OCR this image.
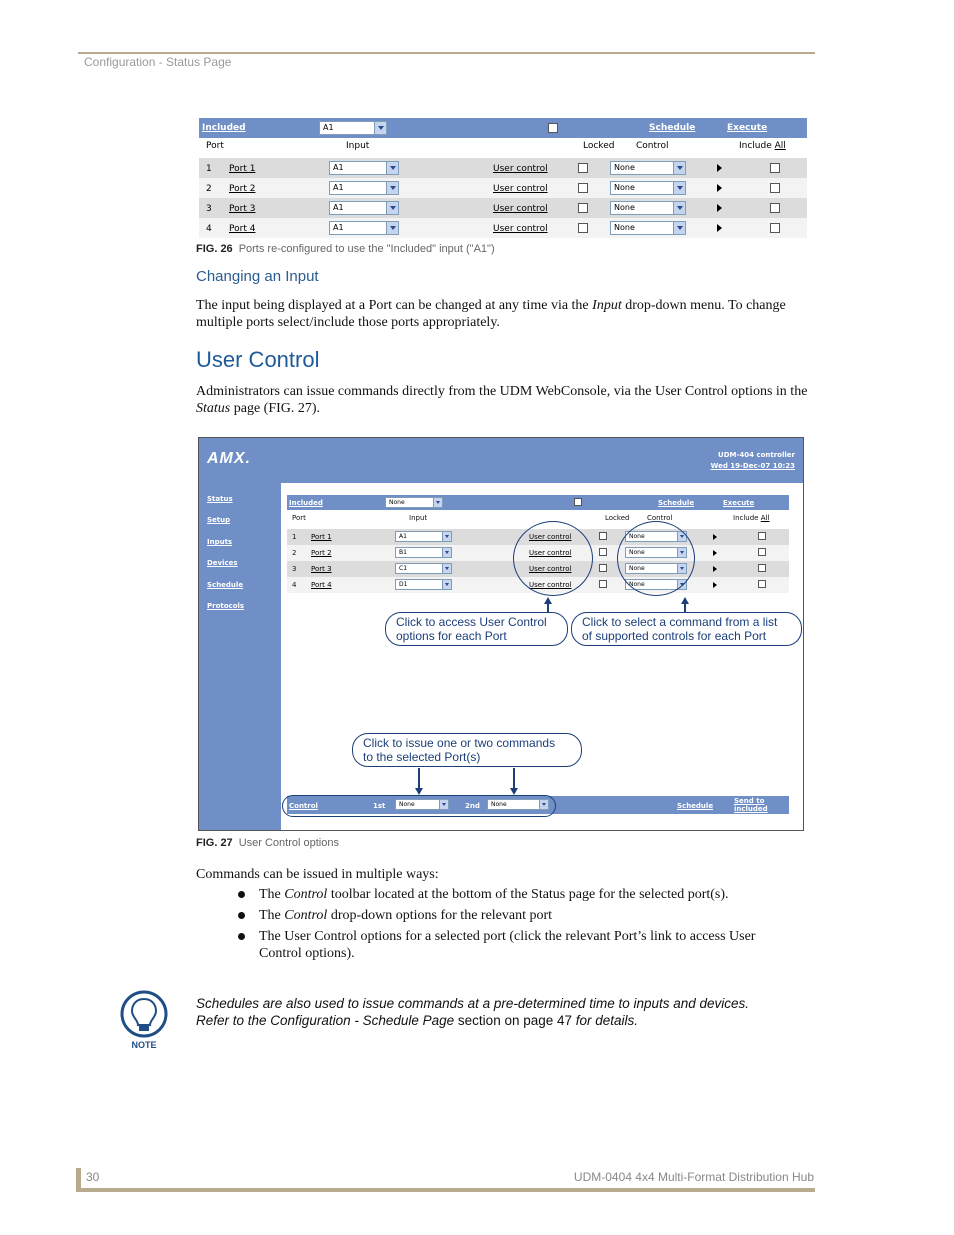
Configuration - Status Page
Included	A1	Schedule	Execute
Port	Input	Locked Control	Include All
1 Port 1	A1	User control	None
2 Port 2	A1	User control	None
3 Port 3	A1	User control	None
4 Port 4	A1	User control	None
FIG. 26 Ports re-configured to use the "Included" input ("A1")
Changing an Input
The input being displayed at a Port can be changed at any time via the Input drop-down menu. To change multiple ports select/include those ports appropriately.
User Control
Administrators can issue commands directly from the UDM WebConsole, via the User Control options in the Status page (FIG. 27).
AMX.	UDM-404 controller
Wed 19-Dec-07 10:23
Status
Setup
Inputs
Devices
Schedule
Protocols
Included	None	Schedule	Execute
Port	Input	Locked	Control	Include All
1 Port 1	A1	User control	None
2 Port 2	B1	User control	None
3 Port 3	C1	User control	None
4 Port 4	D1	User control	None
Control	1st	None	2nd	None	Schedule
Send to
included
Click to access User Control
options for each Port
Click to select a command from a list
of supported controls for each Port
Click to issue one or two commands
to the selected Port(s)
FIG. 27 User Control options
Commands can be issued in multiple ways:
The Control toolbar located at the bottom of the Status page for the selected port(s).
The Control drop-down options for the relevant port
The User Control options for a selected port (click the relevant Port’s link to access User Control options).
NOTE
Schedules are also used to issue commands at a pre-determined time to inputs and devices. Refer to the Configuration - Schedule Page section on page 47 for details.
30	UDM-0404 4x4 Multi-Format Distribution Hub
